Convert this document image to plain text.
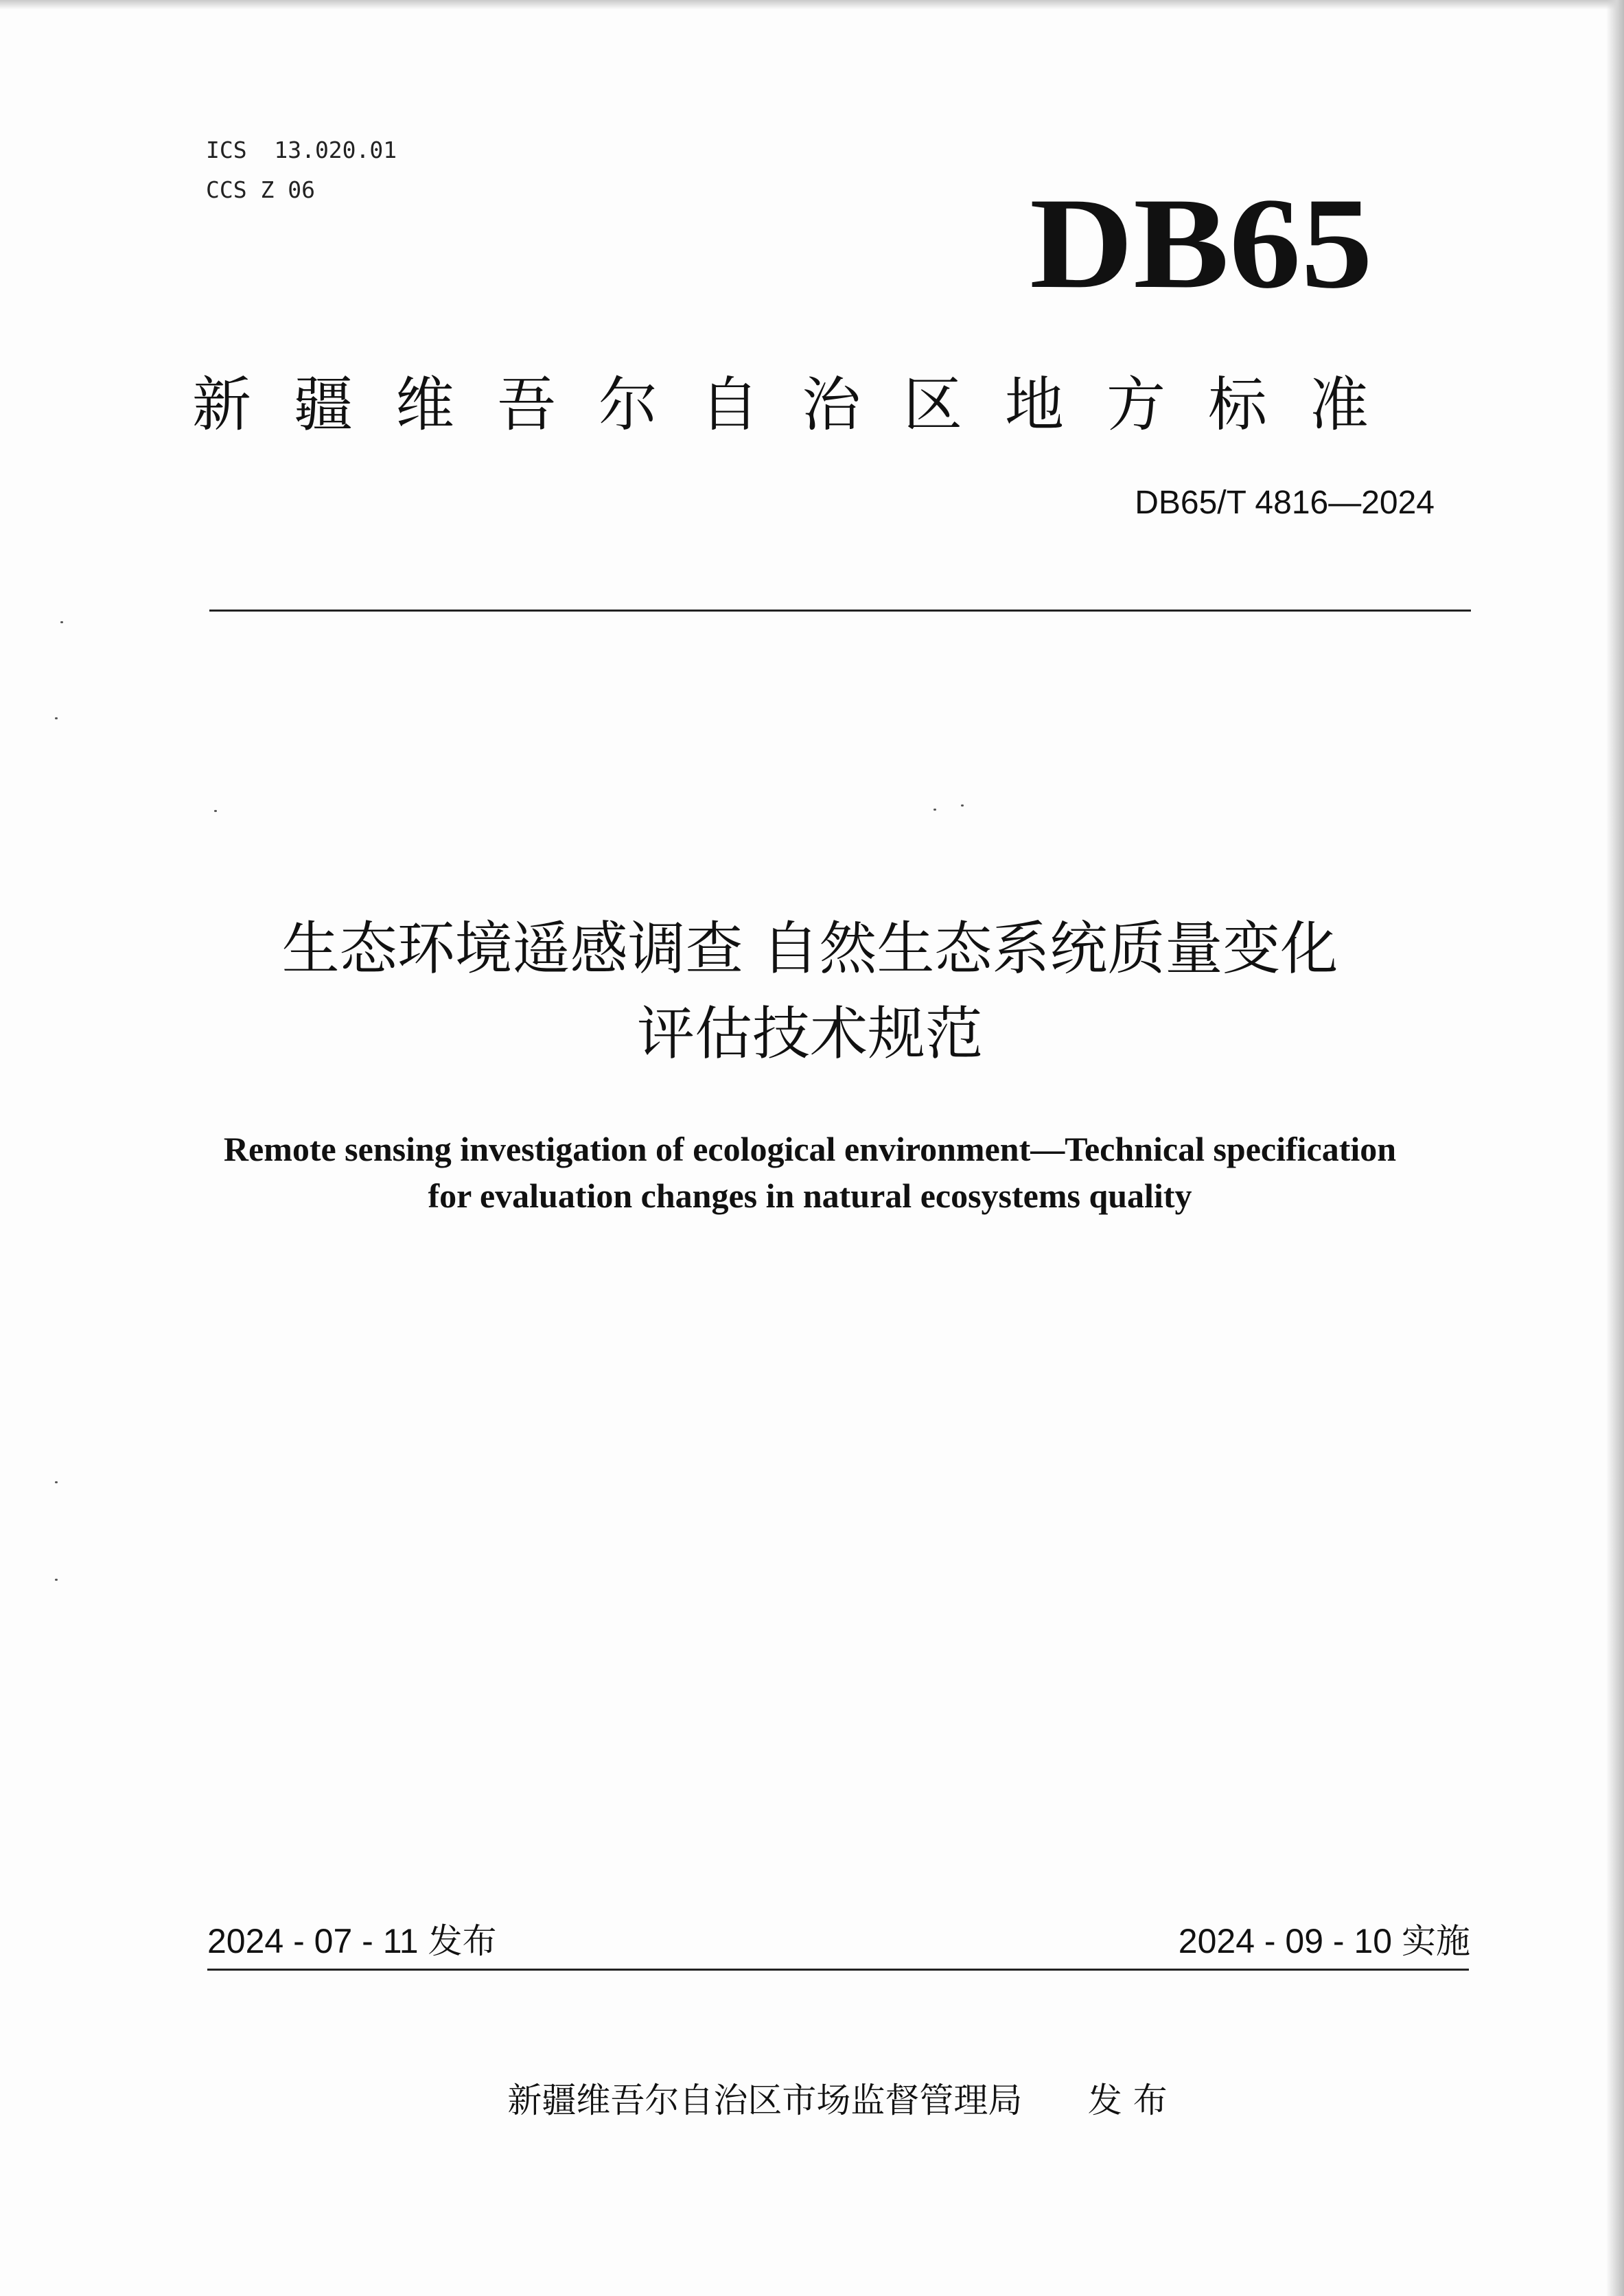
ICS  13.020.01
CCS Z 06	DB65
新疆维吾尔自治区地方标准
DB65/T 4816—2024
生态环境遥感调查 自然生态系统质量变化
评估技术规范
Remote sensing investigation of ecological environment—Technical specification
for evaluation changes in natural ecosystems quality
2024 - 07 - 11 发布	2024 - 09 - 10 实施
新疆维吾尔自治区市场监督管理局 发 布
